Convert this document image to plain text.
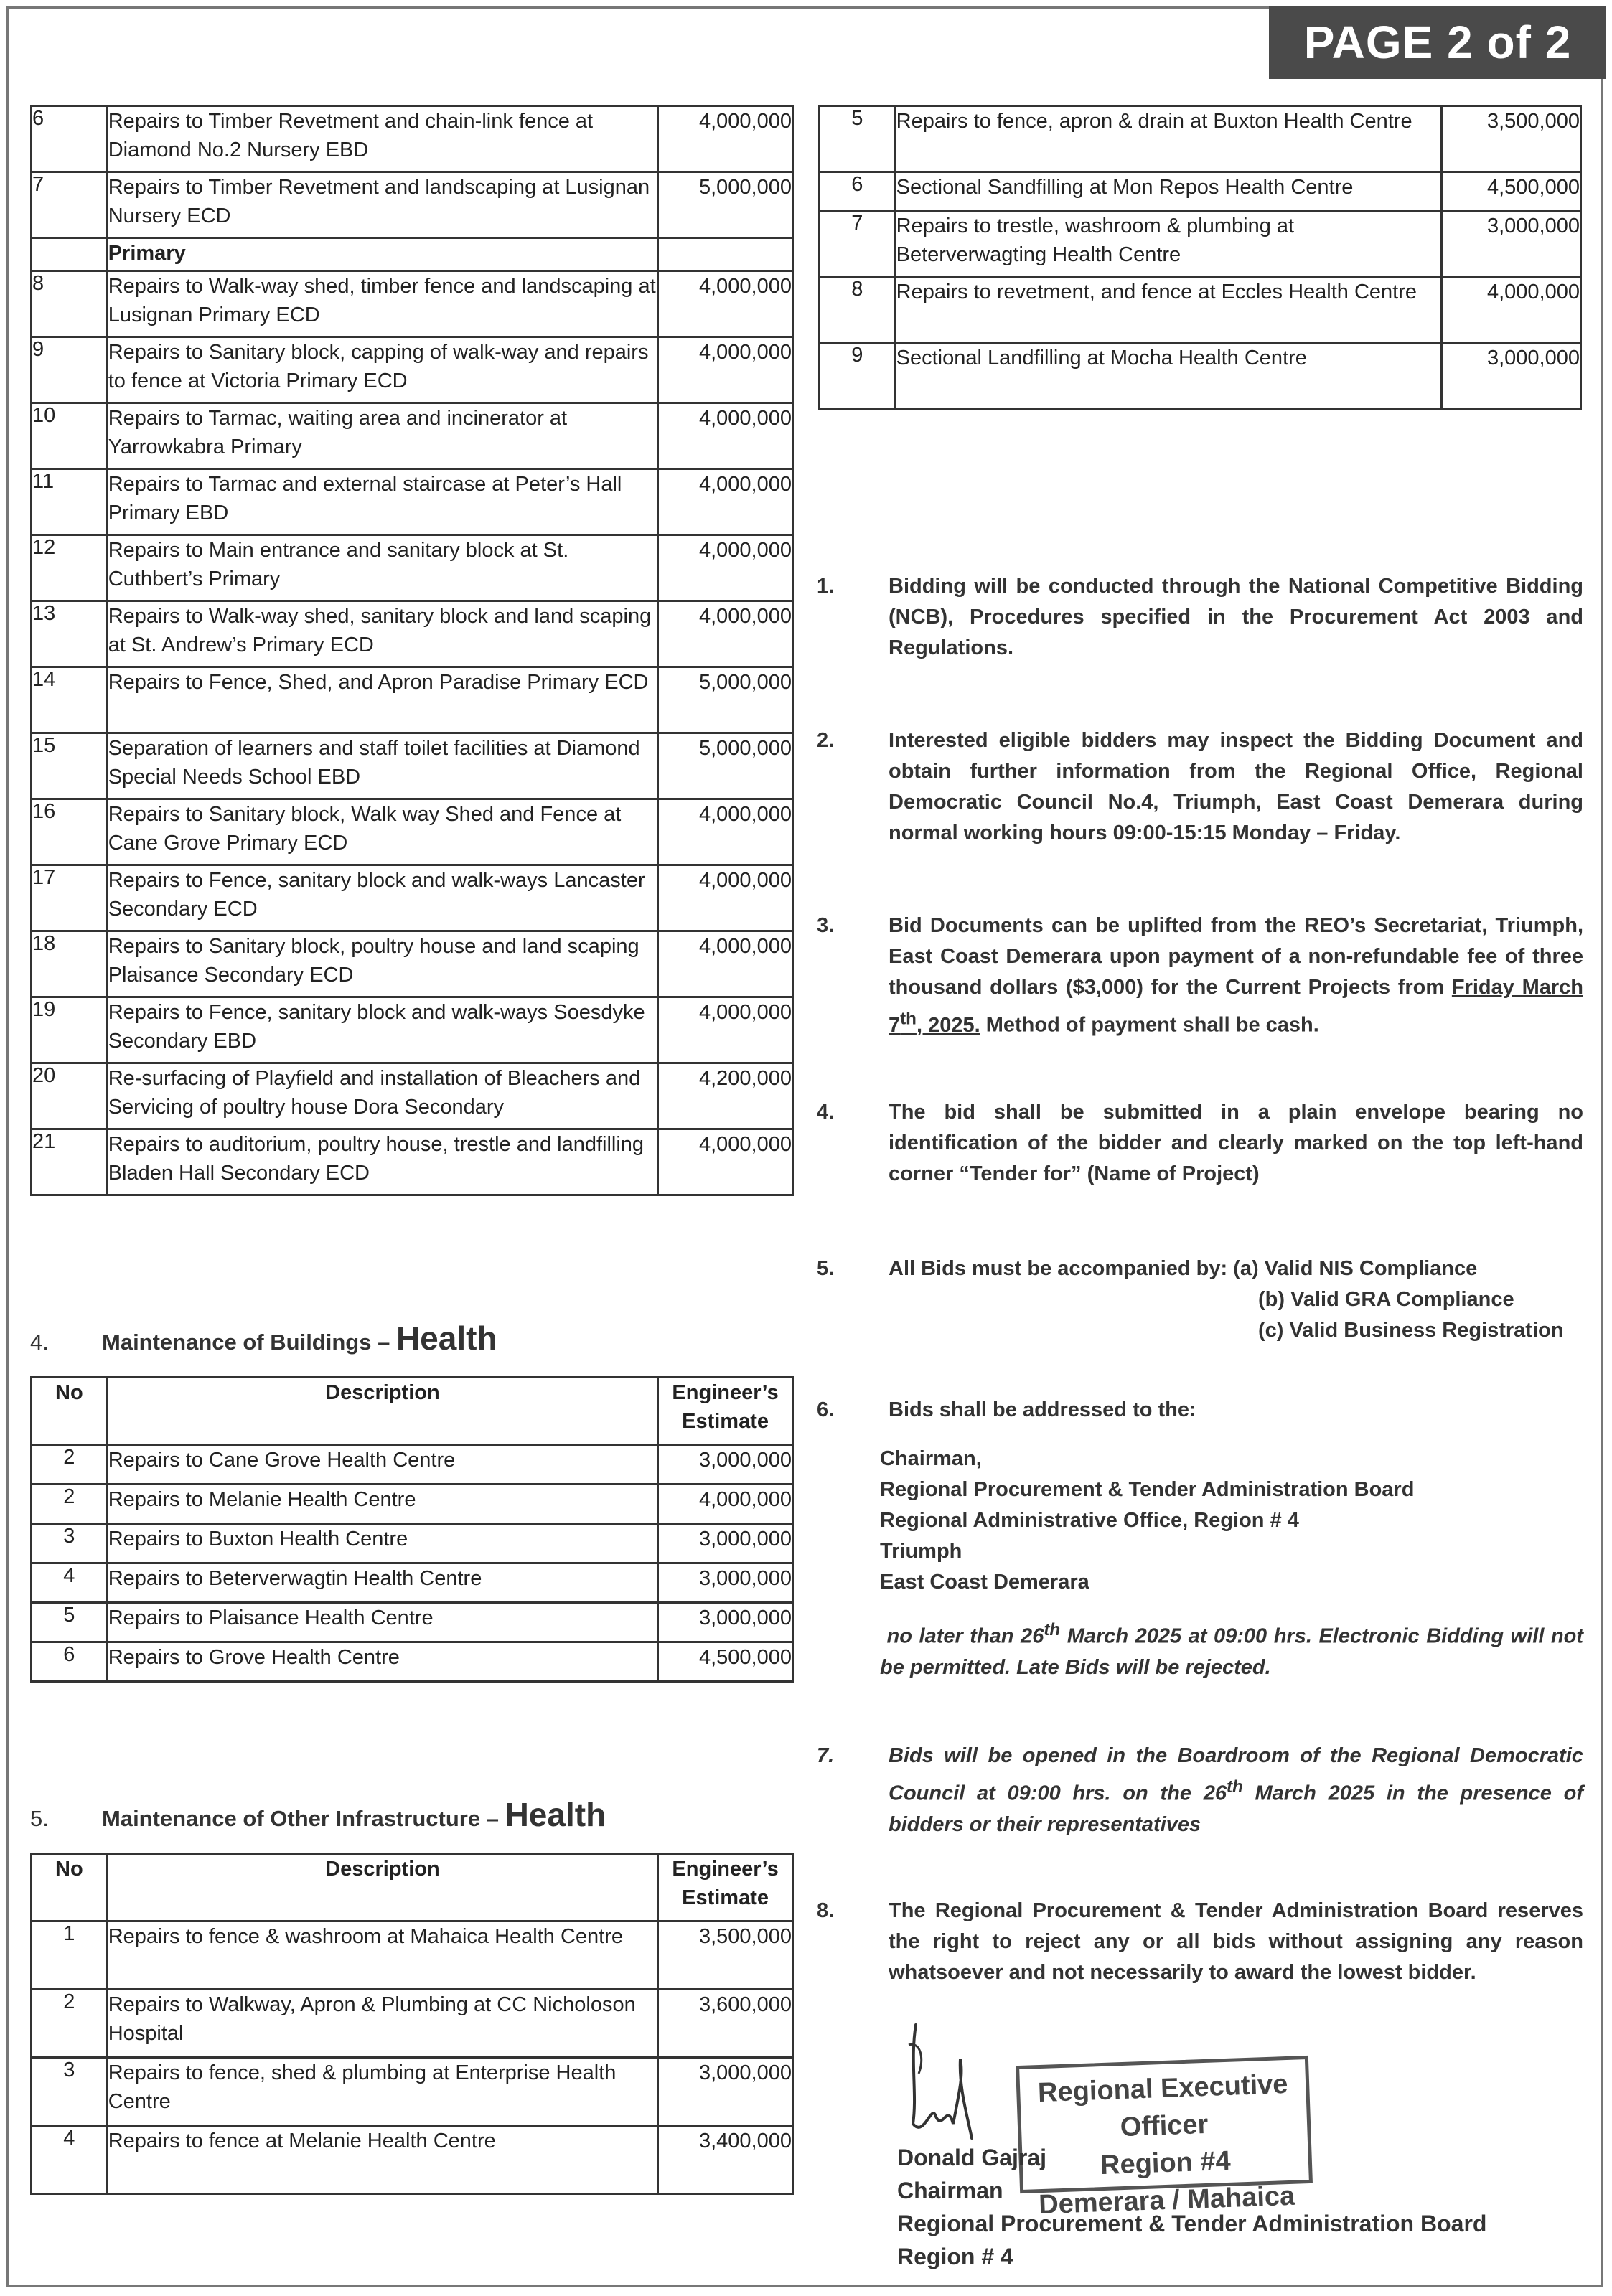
PAGE 2 of 2
6	Repairs to Timber Revetment and chain-link fence at Diamond No.2 Nursery EBD	4,000,000
7	Repairs to Timber Revetment and landscaping at Lusignan Nursery ECD	5,000,000
	Primary	
8	Repairs to Walk-way shed, timber fence and landscaping at Lusignan Primary ECD	4,000,000
9	Repairs to Sanitary block, capping of walk-way and repairs to fence at Victoria Primary ECD	4,000,000
10	Repairs to Tarmac, waiting area and incinerator at Yarrowkabra Primary	4,000,000
11	Repairs to Tarmac and external staircase at Peter’s Hall Primary EBD	4,000,000
12	Repairs to Main entrance and sanitary block at St. Cuthbert’s Primary	4,000,000
13	Repairs to Walk-way shed, sanitary block and land scaping at St. Andrew’s Primary ECD	4,000,000
14	Repairs to Fence, Shed, and Apron Paradise Primary ECD	5,000,000
15	Separation of learners and staff toilet facilities at Diamond Special Needs School EBD	5,000,000
16	Repairs to Sanitary block, Walk way Shed and Fence at Cane Grove Primary ECD	4,000,000
17	Repairs to Fence, sanitary block and walk-ways Lancaster Secondary ECD	4,000,000
18	Repairs to Sanitary block, poultry house and land scaping Plaisance Secondary ECD	4,000,000
19	Repairs to Fence, sanitary block and walk-ways Soesdyke Secondary EBD	4,000,000
20	Re-surfacing of Playfield and installation of Bleachers and Servicing of poultry house Dora Secondary	4,200,000
21	Repairs to auditorium, poultry house, trestle and landfilling Bladen Hall Secondary ECD	4,000,000
5	Repairs to fence, apron & drain at Buxton Health Centre	3,500,000
6	Sectional Sandfilling at Mon Repos Health Centre	4,500,000
7	Repairs to trestle, washroom & plumbing at Beterverwagting Health Centre	3,000,000
8	Repairs to revetment, and fence at Eccles Health Centre	4,000,000
9	Sectional Landfilling at Mocha Health Centre	3,000,000
4. Maintenance of Buildings – Health
No	Description	Engineer’s Estimate
2	Repairs to Cane Grove Health Centre	3,000,000
2	Repairs to Melanie Health Centre	4,000,000
3	Repairs to Buxton Health Centre	3,000,000
4	Repairs to Beterverwagtin Health Centre	3,000,000
5	Repairs to Plaisance Health Centre	3,000,000
6	Repairs to Grove Health Centre	4,500,000
5. Maintenance of Other Infrastructure – Health
No	Description	Engineer’s Estimate
1	Repairs to fence & washroom at Mahaica Health Centre	3,500,000
2	Repairs to Walkway, Apron & Plumbing at CC Nicholoson Hospital	3,600,000
3	Repairs to fence, shed & plumbing at Enterprise Health Centre	3,000,000
4	Repairs to fence at Melanie Health Centre	3,400,000
1.	Bidding will be conducted through the National Competitive Bidding (NCB), Procedures specified in the Procurement Act 2003 and Regulations.
2.	Interested eligible bidders may inspect the Bidding Document and obtain further information from the Regional Office, Regional Democratic Council No.4, Triumph, East Coast Demerara during normal working hours 09:00-15:15 Monday – Friday.
3.	Bid Documents can be uplifted from the REO’s Secretariat, Triumph, East Coast Demerara upon payment of a non-refundable fee of three thousand dollars ($3,000) for the Current Projects from Friday March 7th, 2025. Method of payment shall be cash.
4.	The bid shall be submitted in a plain envelope bearing no identification of the bidder and clearly marked on the top left-hand corner “Tender for” (Name of Project)
5.	All Bids must be accompanied by: (a) Valid NIS Compliance
(b) Valid GRA Compliance
(c) Valid Business Registration
6.	Bids shall be addressed to the:
Chairman,
Regional Procurement & Tender Administration Board
Regional Administrative Office, Region # 4
Triumph
East Coast Demerara
no later than 26th March 2025 at 09:00 hrs. Electronic Bidding will not be permitted. Late Bids will be rejected.
7.	Bids will be opened in the Boardroom of the Regional Democratic Council at 09:00 hrs. on the 26th March 2025 in the presence of bidders or their representatives
8.	The Regional Procurement & Tender Administration Board reserves the right to reject any or all bids without assigning any reason whatsoever and not necessarily to award the lowest bidder.
Regional Executive Officer
Region #4
Demerara / Mahaica
Donald Gajraj
Chairman
Regional Procurement & Tender Administration Board
Region # 4
